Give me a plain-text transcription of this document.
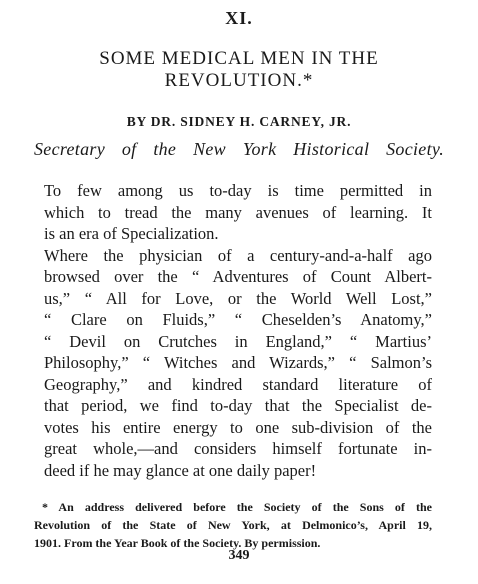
XI.
SOME MEDICAL MEN IN THE
REVOLUTION.*
BY DR. SIDNEY H. CARNEY, JR.
Secretary of the New York Historical Society.
To few among us to-day is time permitted in
which to tread the many avenues of learning. It
is an era of Specialization.
Where the physician of a century-and-a-half ago
browsed over the “ Adventures of Count Albert-
us,” “ All for Love, or the World Well Lost,”
“ Clare on Fluids,” “ Cheselden’s Anatomy,”
“ Devil on Crutches in England,” “ Martius’
Philosophy,” “ Witches and Wizards,” “ Salmon’s
Geography,” and kindred standard literature of
that period, we find to-day that the Specialist de-
votes his entire energy to one sub-division of the
great whole,—and considers himself fortunate in-
deed if he may glance at one daily paper!
* An address delivered before the Society of the Sons of the
Revolution of the State of New York, at Delmonico’s, April 19,
1901. From the Year Book of the Society. By permission.
349
